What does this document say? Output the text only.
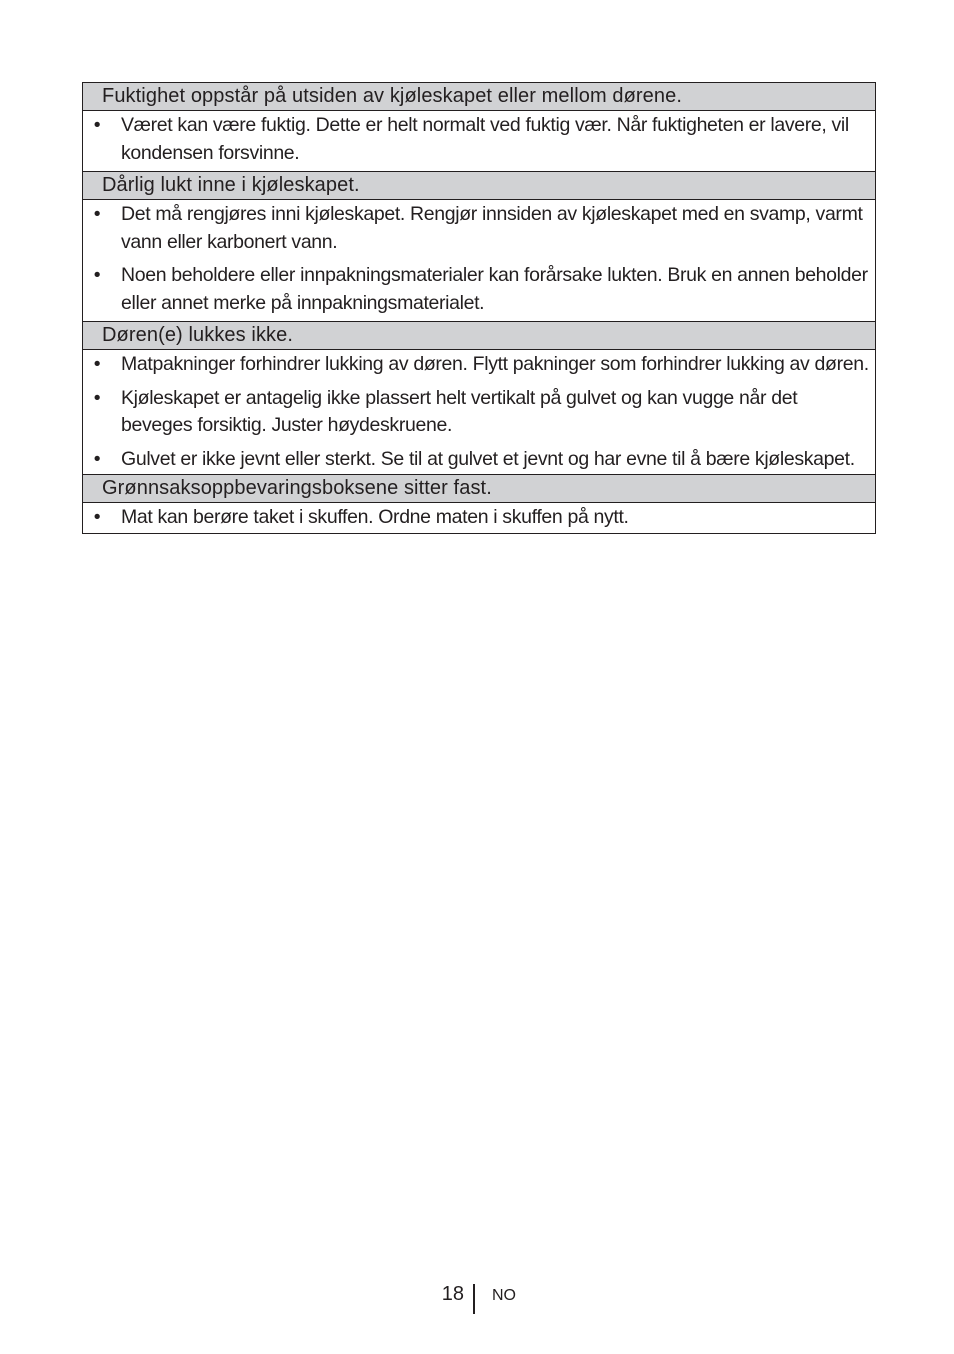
Fuktighet oppstår på utsiden av kjøleskapet eller mellom dørene.
• Været kan være fuktig. Dette er helt normalt ved fuktig vær. Når fuktigheten er lavere, vil kondensen forsvinne.
Dårlig lukt inne i kjøleskapet.
• Det må rengjøres inni kjøleskapet. Rengjør innsiden av kjøleskapet med en svamp, varmt vann eller karbonert vann.
• Noen beholdere eller innpakningsmaterialer kan forårsake lukten. Bruk en annen beholder eller annet merke på innpakningsmaterialet.
Døren(e) lukkes ikke.
• Matpakninger forhindrer lukking av døren. Flytt pakninger som forhindrer lukking av døren.
• Kjøleskapet er antagelig ikke plassert helt vertikalt på gulvet og kan vugge når det beveges forsiktig. Juster høydeskruene.
• Gulvet er ikke jevnt eller sterkt. Se til at gulvet et jevnt og har evne til å bære kjøleskapet.
Grønnsaksoppbevaringsboksene sitter fast.
• Mat kan berøre taket i skuffen. Ordne maten i skuffen på nytt.
18 NO
